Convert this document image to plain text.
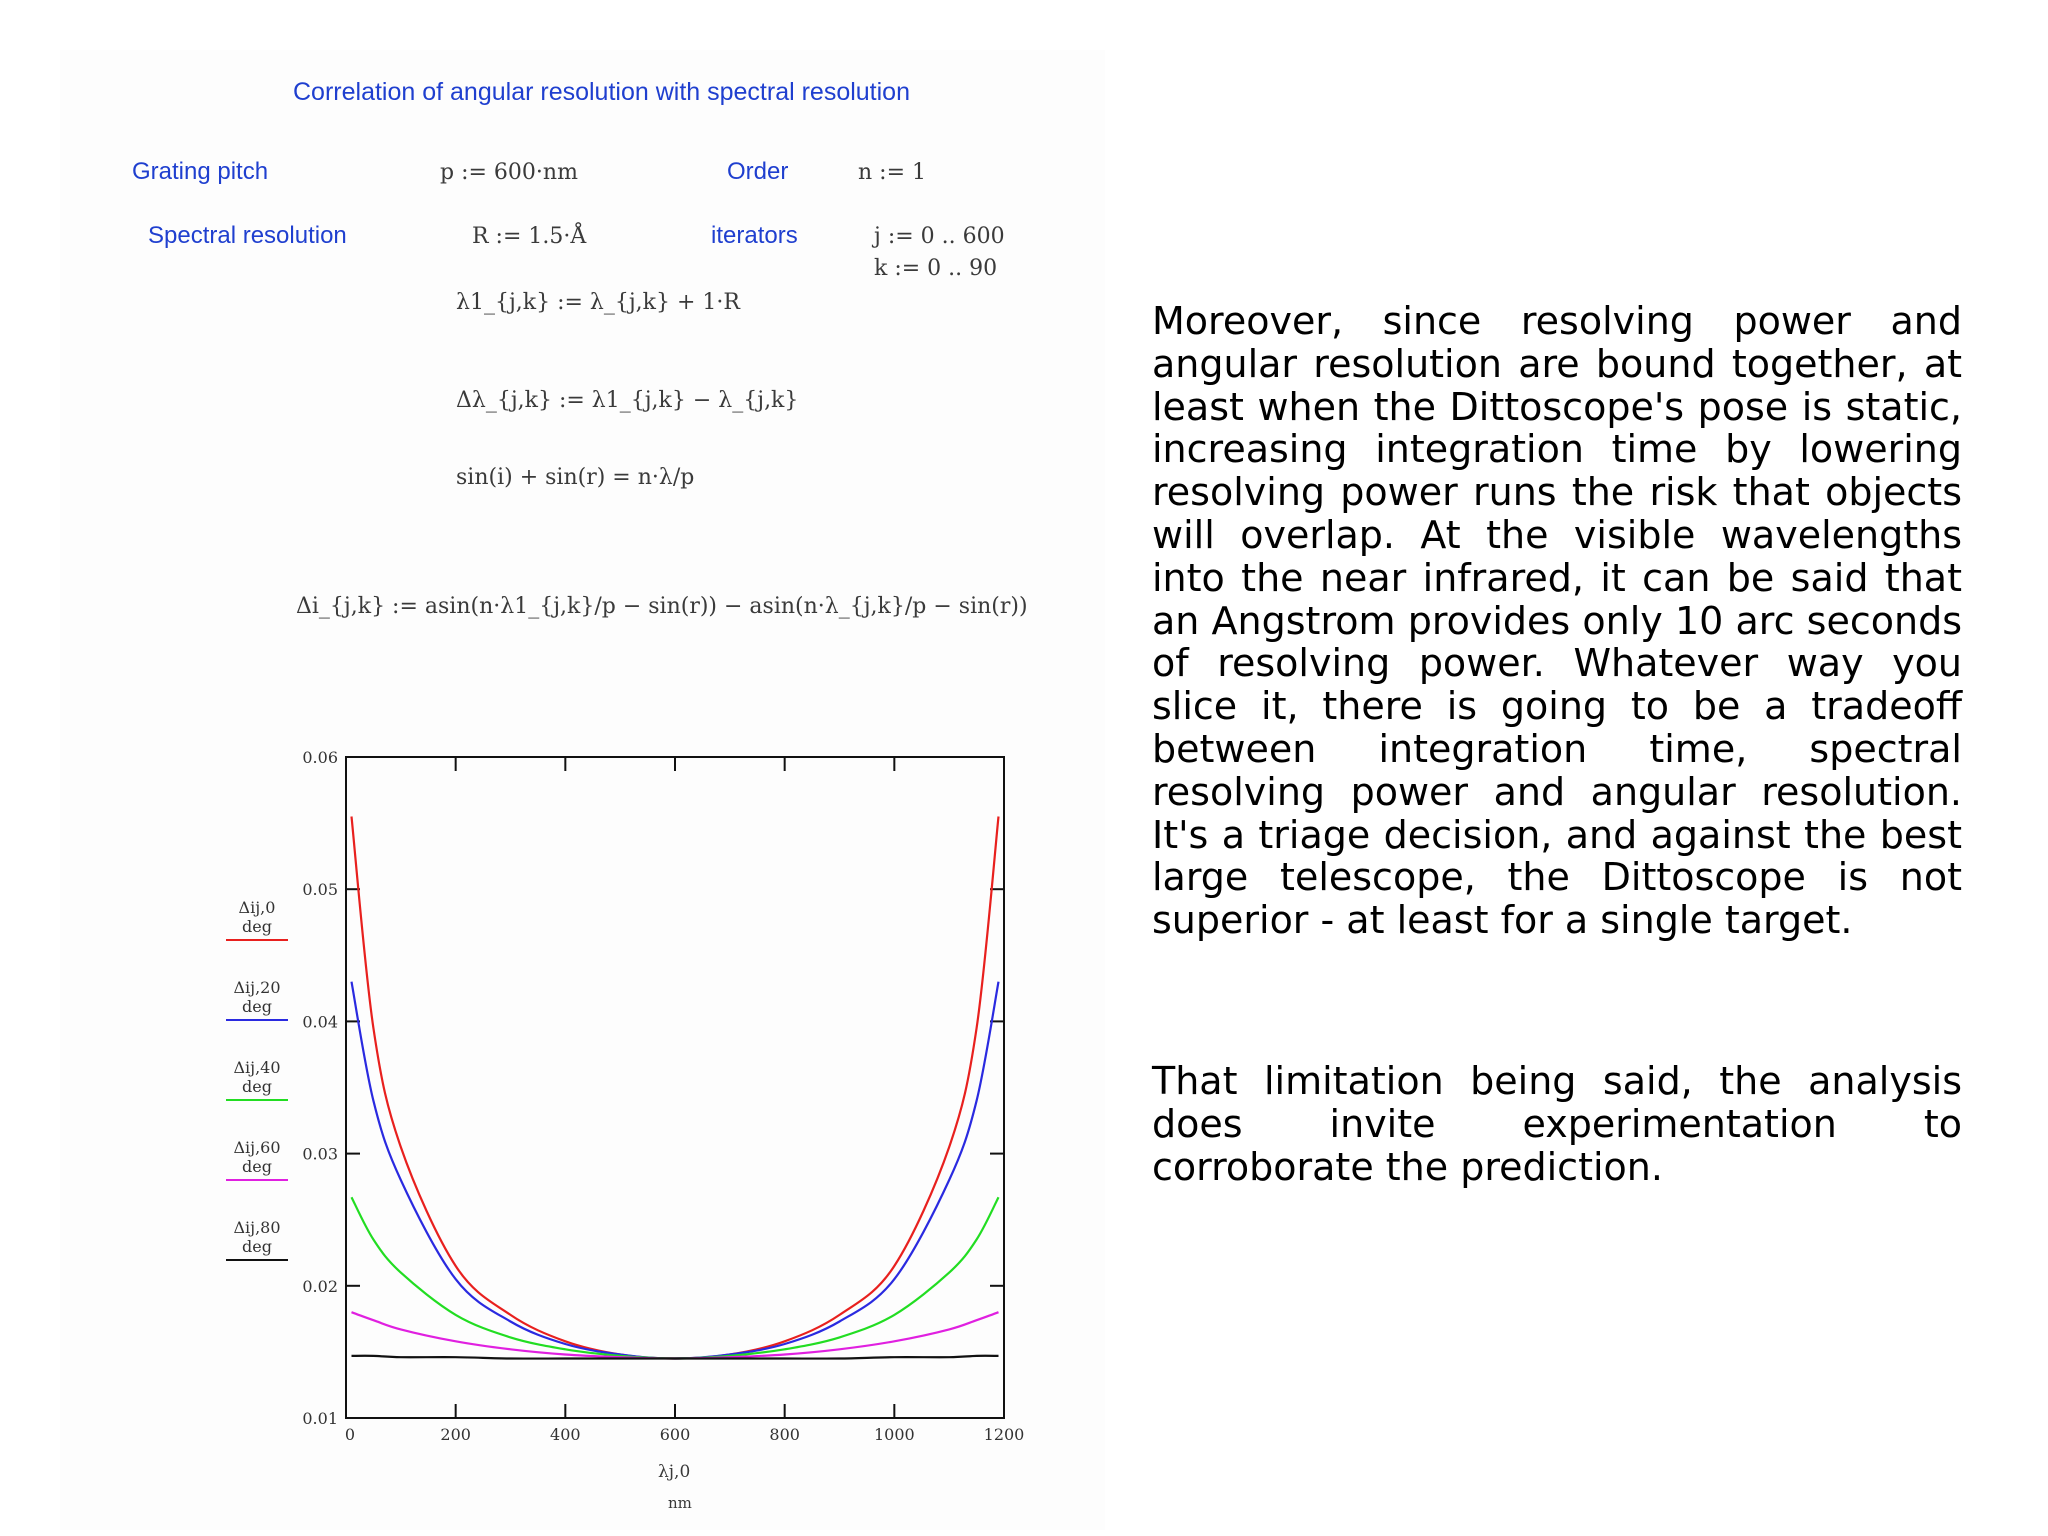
Correlation of angular resolution with spectral resolution
Grating pitch	p := 600·nm	Order	n := 1
Spectral resolution	R := 1.5·Å	iterators	j := 0 .. 600
k := 0 .. 90
λ1_{j,k} := λ_{j,k} + 1·R
Δλ_{j,k} := λ1_{j,k} − λ_{j,k}
sin(i) + sin(r) = n·λ/p
Δi_{j,k} := asin(n·λ1_{j,k}/p − sin(r)) − asin(n·λ_{j,k}/p − sin(r))
Δij,0
deg
Δij,20
deg
Δij,40
deg
Δij,60
deg
Δij,80
deg
0	200	400	600	800	1000	1200
0.01
0.02
0.03
0.04
0.05
0.06
λj,0
nm
Moreover, since resolving power and angular resolution are bound together, at least when the Dittoscope's pose is static, increasing integration time by lowering resolving power runs the risk that objects will overlap. At the visible wavelengths into the near infrared, it can be said that an Angstrom provides only 10 arc seconds of resolving power. Whatever way you slice it, there is going to be a tradeoff between integration time, spectral resolving power and angular resolution. It's a triage decision, and against the best large telescope, the Dittoscope is not superior - at least for a single target.
That limitation being said, the analysis does invite experimentation to corroborate the prediction.
